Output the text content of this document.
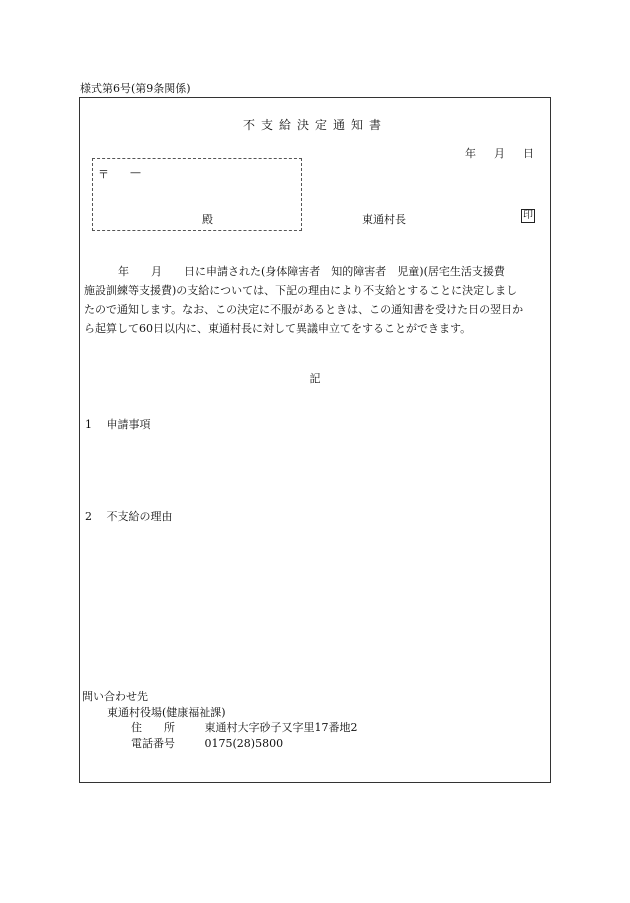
様式第6号(第9条関係)
不支給決定通知書
年 月 日
〒 —
殿	東通村長	印
年　　月　　日に申請された(身体障害者　知的障害者　児童)(居宅生活支援費
施設訓練等支援費)の支給については、下記の理由により不支給とすることに決定しまし
たので通知します。なお、この決定に不服があるときは、この通知書を受けた日の翌日か
ら起算して60日以内に、東通村長に対して異議申立てをすることができます。
記
1 申請事項
2 不支給の理由
問い合わせ先
東通村役場(健康福祉課)
住　　所	東通村大字砂子又字里17番地2
電話番号	0175(28)5800
